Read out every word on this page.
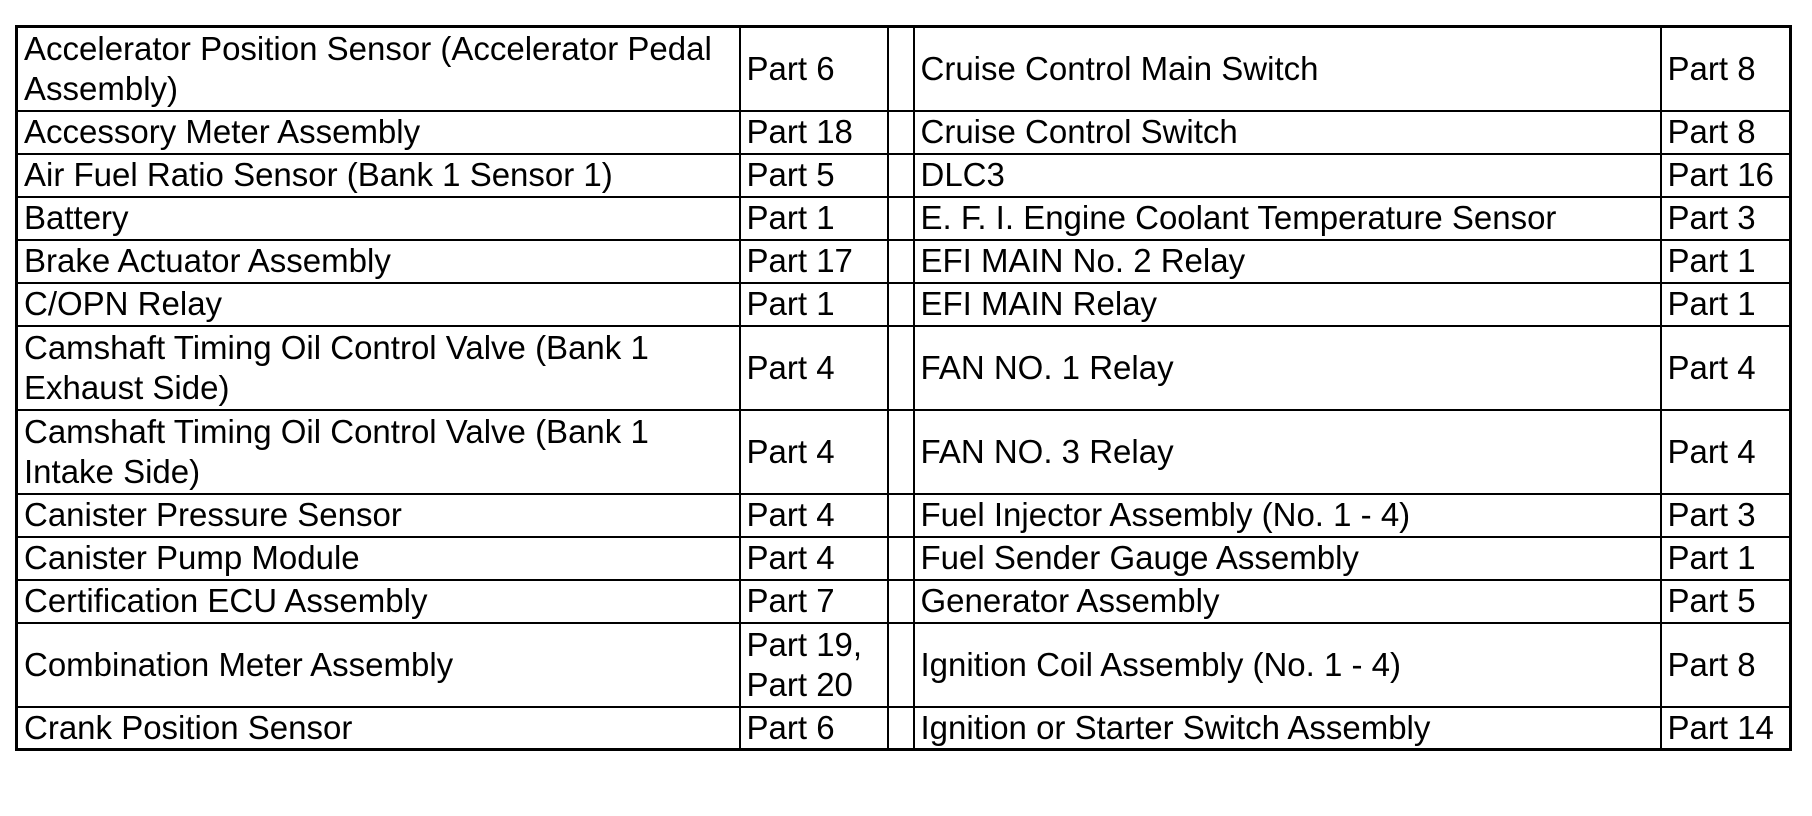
Accelerator Position Sensor (Accelerator Pedal Assembly)	Part 6		Cruise Control Main Switch	Part 8
Accessory Meter Assembly	Part 18		Cruise Control Switch	Part 8
Air Fuel Ratio Sensor (Bank 1 Sensor 1)	Part 5		DLC3	Part 16
Battery	Part 1		E. F. I. Engine Coolant Temperature Sensor	Part 3
Brake Actuator Assembly	Part 17		EFI MAIN No. 2 Relay	Part 1
C/OPN Relay	Part 1		EFI MAIN Relay	Part 1
Camshaft Timing Oil Control Valve (Bank 1 Exhaust Side)	Part 4		FAN NO. 1 Relay	Part 4
Camshaft Timing Oil Control Valve (Bank 1 Intake Side)	Part 4		FAN NO. 3 Relay	Part 4
Canister Pressure Sensor	Part 4		Fuel Injector Assembly (No. 1 - 4)	Part 3
Canister Pump Module	Part 4		Fuel Sender Gauge Assembly	Part 1
Certification ECU Assembly	Part 7		Generator Assembly	Part 5
Combination Meter Assembly	Part 19, Part 20		Ignition Coil Assembly (No. 1 - 4)	Part 8
Crank Position Sensor	Part 6		Ignition or Starter Switch Assembly	Part 14
